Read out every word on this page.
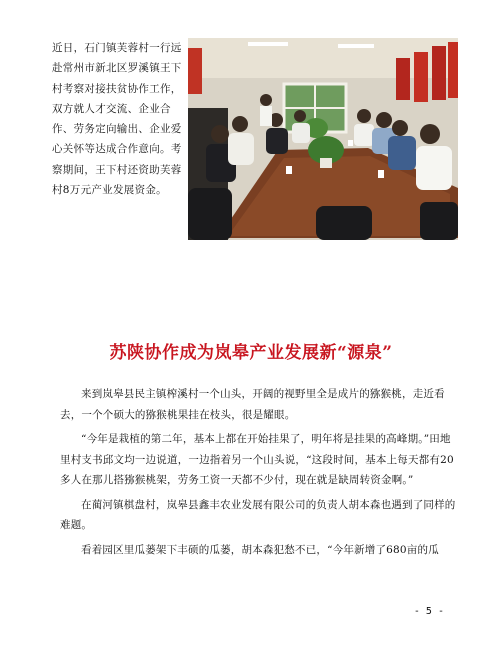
近日，石门镇芙蓉村一行远赴常州市新北区罗溪镇王下村考察对接扶贫协作工作，双方就人才交流、企业合作、劳务定向输出、企业爱心关怀等达成合作意向。考察期间，王下村还资助芙蓉村8万元产业发展资金。
苏陕协作成为岚皋产业发展新“源泉”

来到岚皋县民主镇榨溪村一个山头，开阔的视野里全是成片的猕猴桃，走近看去，一个个硕大的猕猴桃果挂在枝头，很是耀眼。

“今年是栽植的第二年，基本上都在开始挂果了，明年将是挂果的高峰期。”田地里村支书邱文均一边说道，一边指着另一个山头说，“这段时间，基本上每天都有20多人在那儿搭猕猴桃架，劳务工资一天都不少付，现在就是缺周转资金啊。”

在蔺河镇棋盘村，岚皋县鑫丰农业发展有限公司的负责人胡本森也遇到了同样的难题。

看着园区里瓜蒌架下丰硕的瓜蒌，胡本森犯愁不已，“今年新增了680亩的瓜

- 5 -
